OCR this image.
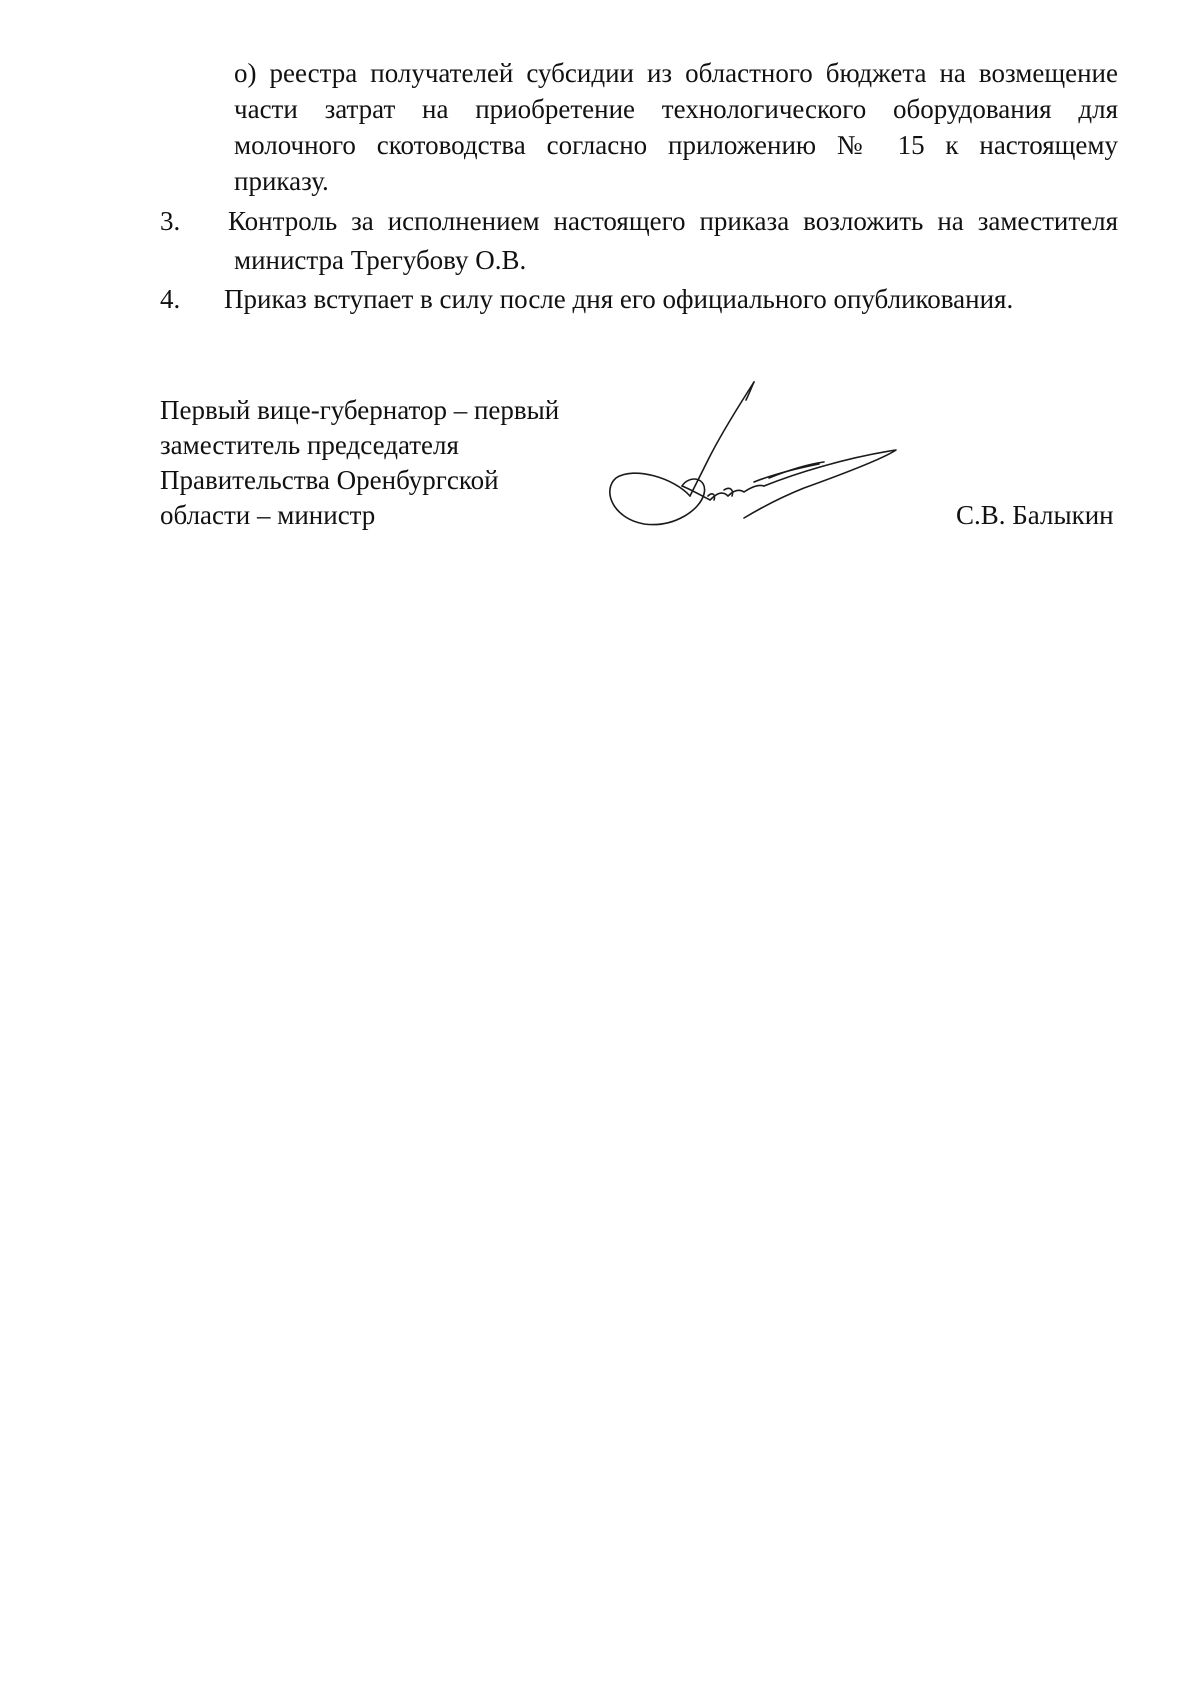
о) реестра получателей субсидии из областного бюджета на возмещение
части затрат на приобретение технологического оборудования для
молочного скотоводства согласно приложению № 15 к настоящему
приказу.
3. Контроль за исполнением настоящего приказа возложить на заместителя
министра Трегубову О.В.
4. Приказ вступает в силу после дня его официального опубликования.
Первый вице-губернатор – первый
заместитель председателя
Правительства Оренбургской
области – министр	С.В. Балыкин
